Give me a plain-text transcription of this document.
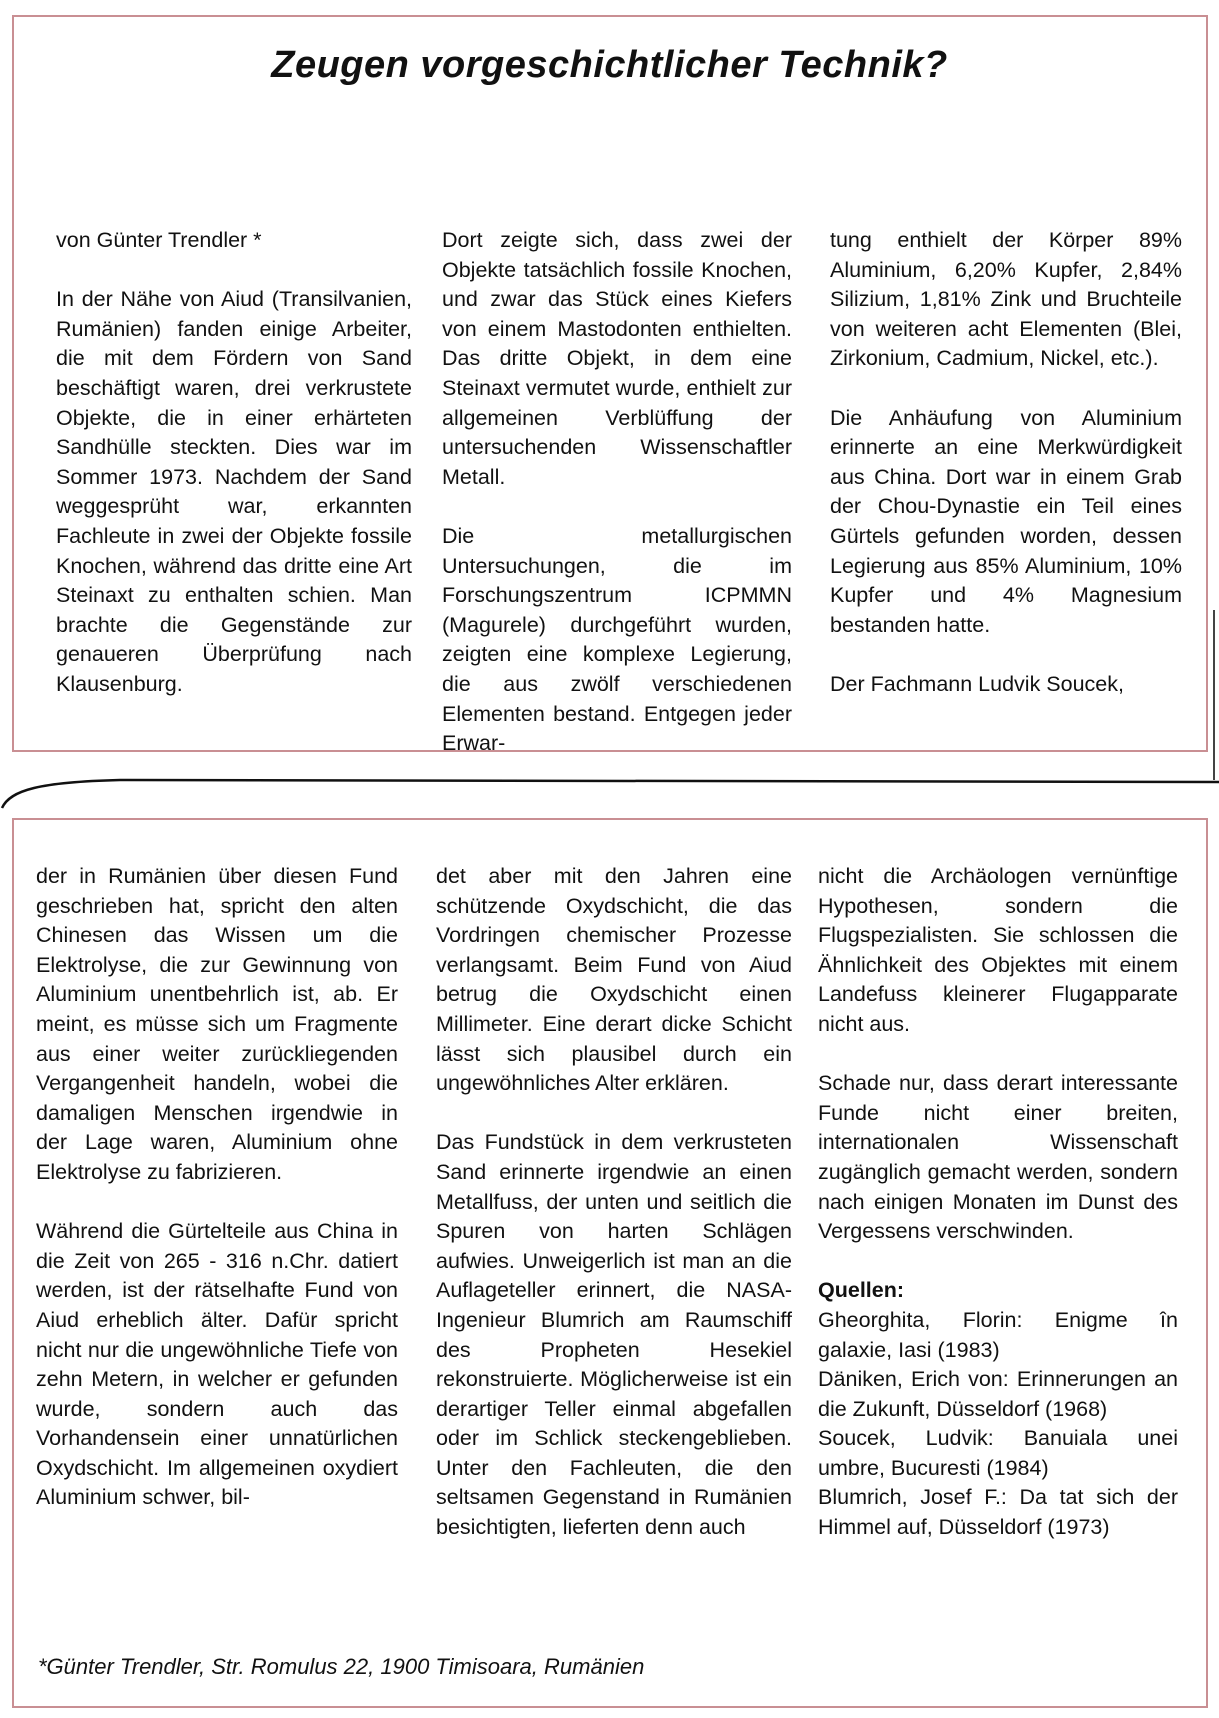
Zeugen vorgeschichtlicher Technik?

von Günter Trendler *

In der Nähe von Aiud (Transilvanien, Rumänien) fanden einige Arbeiter, die mit dem Fördern von Sand beschäftigt waren, drei verkrustete Objekte, die in einer erhärteten Sandhülle steckten. Dies war im Sommer 1973. Nachdem der Sand weggesprüht war, erkannten Fachleute in zwei der Objekte fossile Knochen, während das dritte eine Art Steinaxt zu enthalten schien. Man brachte die Gegenstände zur genaueren Überprüfung nach Klausenburg.

Dort zeigte sich, dass zwei der Objekte tatsächlich fossile Knochen, und zwar das Stück eines Kiefers von einem Mastodonten enthielten. Das dritte Objekt, in dem eine Steinaxt vermutet wurde, enthielt zur allgemeinen Verblüffung der untersuchenden Wissenschaftler Metall.

Die metallurgischen Untersuchungen, die im Forschungszentrum ICPMMN (Magurele) durchgeführt wurden, zeigten eine komplexe Legierung, die aus zwölf verschiedenen Elementen bestand. Entgegen jeder Erwar-

tung enthielt der Körper 89% Aluminium, 6,20% Kupfer, 2,84% Silizium, 1,81% Zink und Bruchteile von weiteren acht Elementen (Blei, Zirkonium, Cadmium, Nickel, etc.).

Die Anhäufung von Aluminium erinnerte an eine Merkwürdigkeit aus China. Dort war in einem Grab der Chou-Dynastie ein Teil eines Gürtels gefunden worden, dessen Legierung aus 85% Aluminium, 10% Kupfer und 4% Magnesium bestanden hatte.

Der Fachmann Ludvik Soucek,

der in Rumänien über diesen Fund geschrieben hat, spricht den alten Chinesen das Wissen um die Elektrolyse, die zur Gewinnung von Aluminium unentbehrlich ist, ab. Er meint, es müsse sich um Fragmente aus einer weiter zurückliegenden Vergangenheit handeln, wobei die damaligen Menschen irgendwie in der Lage waren, Aluminium ohne Elektrolyse zu fabrizieren.

Während die Gürtelteile aus China in die Zeit von 265 - 316 n.Chr. datiert werden, ist der rätselhafte Fund von Aiud erheblich älter. Dafür spricht nicht nur die ungewöhnliche Tiefe von zehn Metern, in welcher er gefunden wurde, sondern auch das Vorhandensein einer unnatürlichen Oxydschicht. Im allgemeinen oxydiert Aluminium schwer, bil-

det aber mit den Jahren eine schützende Oxydschicht, die das Vordringen chemischer Prozesse verlangsamt. Beim Fund von Aiud betrug die Oxydschicht einen Millimeter. Eine derart dicke Schicht lässt sich plausibel durch ein ungewöhnliches Alter erklären.

Das Fundstück in dem verkrusteten Sand erinnerte irgendwie an einen Metallfuss, der unten und seitlich die Spuren von harten Schlägen aufwies. Unweigerlich ist man an die Auflageteller erinnert, die NASA-Ingenieur Blumrich am Raumschiff des Propheten Hesekiel rekonstruierte. Möglicherweise ist ein derartiger Teller einmal abgefallen oder im Schlick steckengeblieben. Unter den Fachleuten, die den seltsamen Gegenstand in Rumänien besichtigten, lieferten denn auch

nicht die Archäologen vernünftige Hypothesen, sondern die Flugspezialisten. Sie schlossen die Ähnlichkeit des Objektes mit einem Landefuss kleinerer Flugapparate nicht aus.

Schade nur, dass derart interessante Funde nicht einer breiten, internationalen Wissenschaft zugänglich gemacht werden, sondern nach einigen Monaten im Dunst des Vergessens verschwinden.

Quellen:

Gheorghita, Florin: Enigme în galaxie, Iasi (1983)
Däniken, Erich von: Erinnerungen an die Zukunft, Düsseldorf (1968)
Soucek, Ludvik: Banuiala unei umbre, Bucuresti (1984)
Blumrich, Josef F.: Da tat sich der Himmel auf, Düsseldorf (1973)
*Günter Trendler, Str. Romulus 22, 1900 Timisoara, Rumänien
